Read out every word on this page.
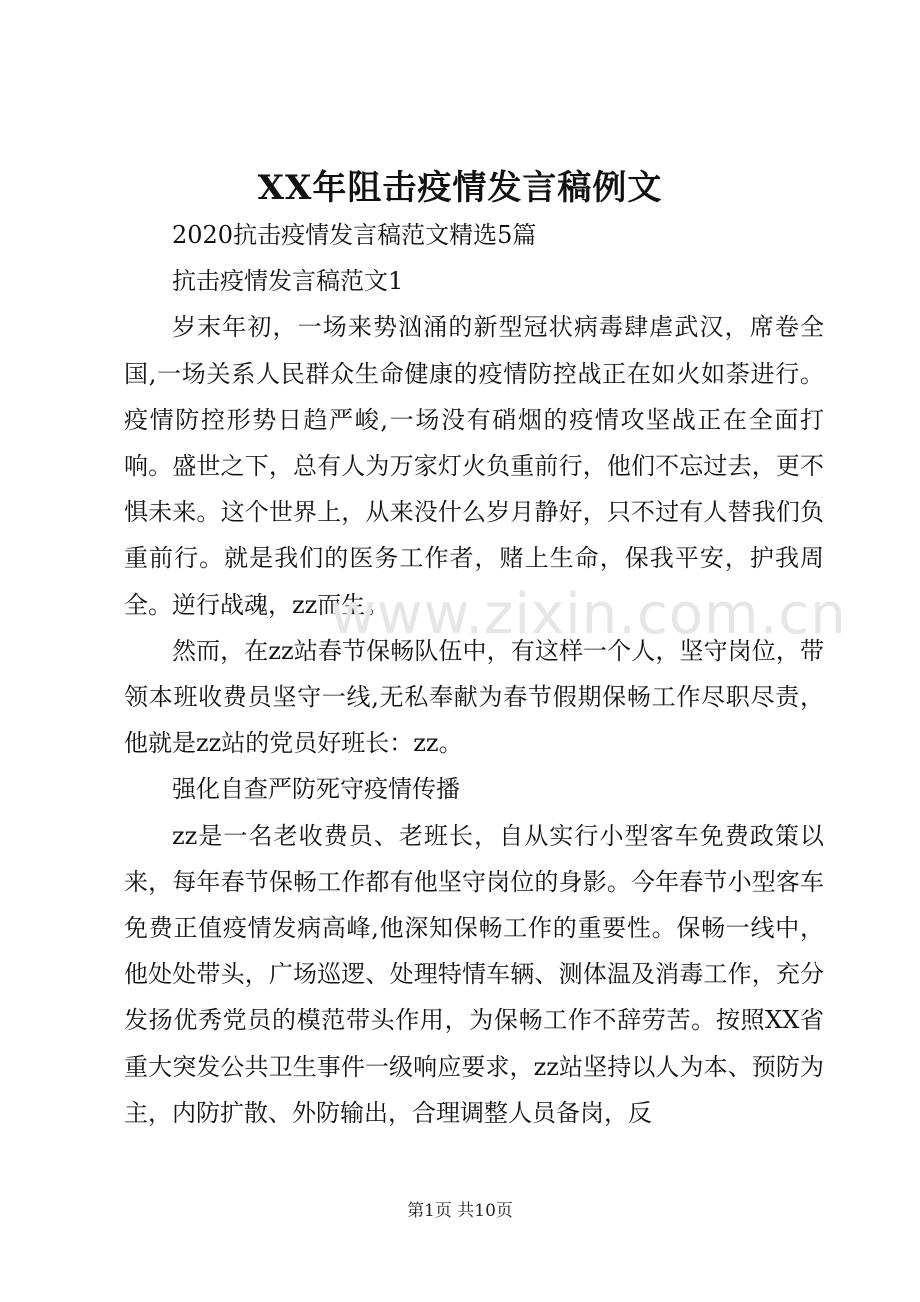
XX年阻击疫情发言稿例文

2020抗击疫情发言稿范文精选5篇

抗击疫情发言稿范文1

岁末年初，一场来势汹涌的新型冠状病毒肆虐武汉，席卷全国,一场关系人民群众生命健康的疫情防控战正在如火如荼进行。疫情防控形势日趋严峻,一场没有硝烟的疫情攻坚战正在全面打响。盛世之下，总有人为万家灯火负重前行，他们不忘过去，更不惧未来。这个世界上，从来没什么岁月静好，只不过有人替我们负重前行。就是我们的医务工作者，赌上生命，保我平安，护我周全。逆行战魂，zz而生。

然而，在zz站春节保畅队伍中，有这样一个人，坚守岗位，带领本班收费员坚守一线,无私奉献为春节假期保畅工作尽职尽责，他就是zz站的党员好班长：zz。

强化自查严防死守疫情传播

zz是一名老收费员、老班长，自从实行小型客车免费政策以来，每年春节保畅工作都有他坚守岗位的身影。今年春节小型客车免费正值疫情发病高峰,他深知保畅工作的重要性。保畅一线中，他处处带头，广场巡逻、处理特情车辆、测体温及消毒工作，充分发扬优秀党员的模范带头作用，为保畅工作不辞劳苦。按照XX省重大突发公共卫生事件一级响应要求，zz站坚持以人为本、预防为主，内防扩散、外防输出，合理调整人员备岗，反

www.zixin.com.cn
第1页 共10页
